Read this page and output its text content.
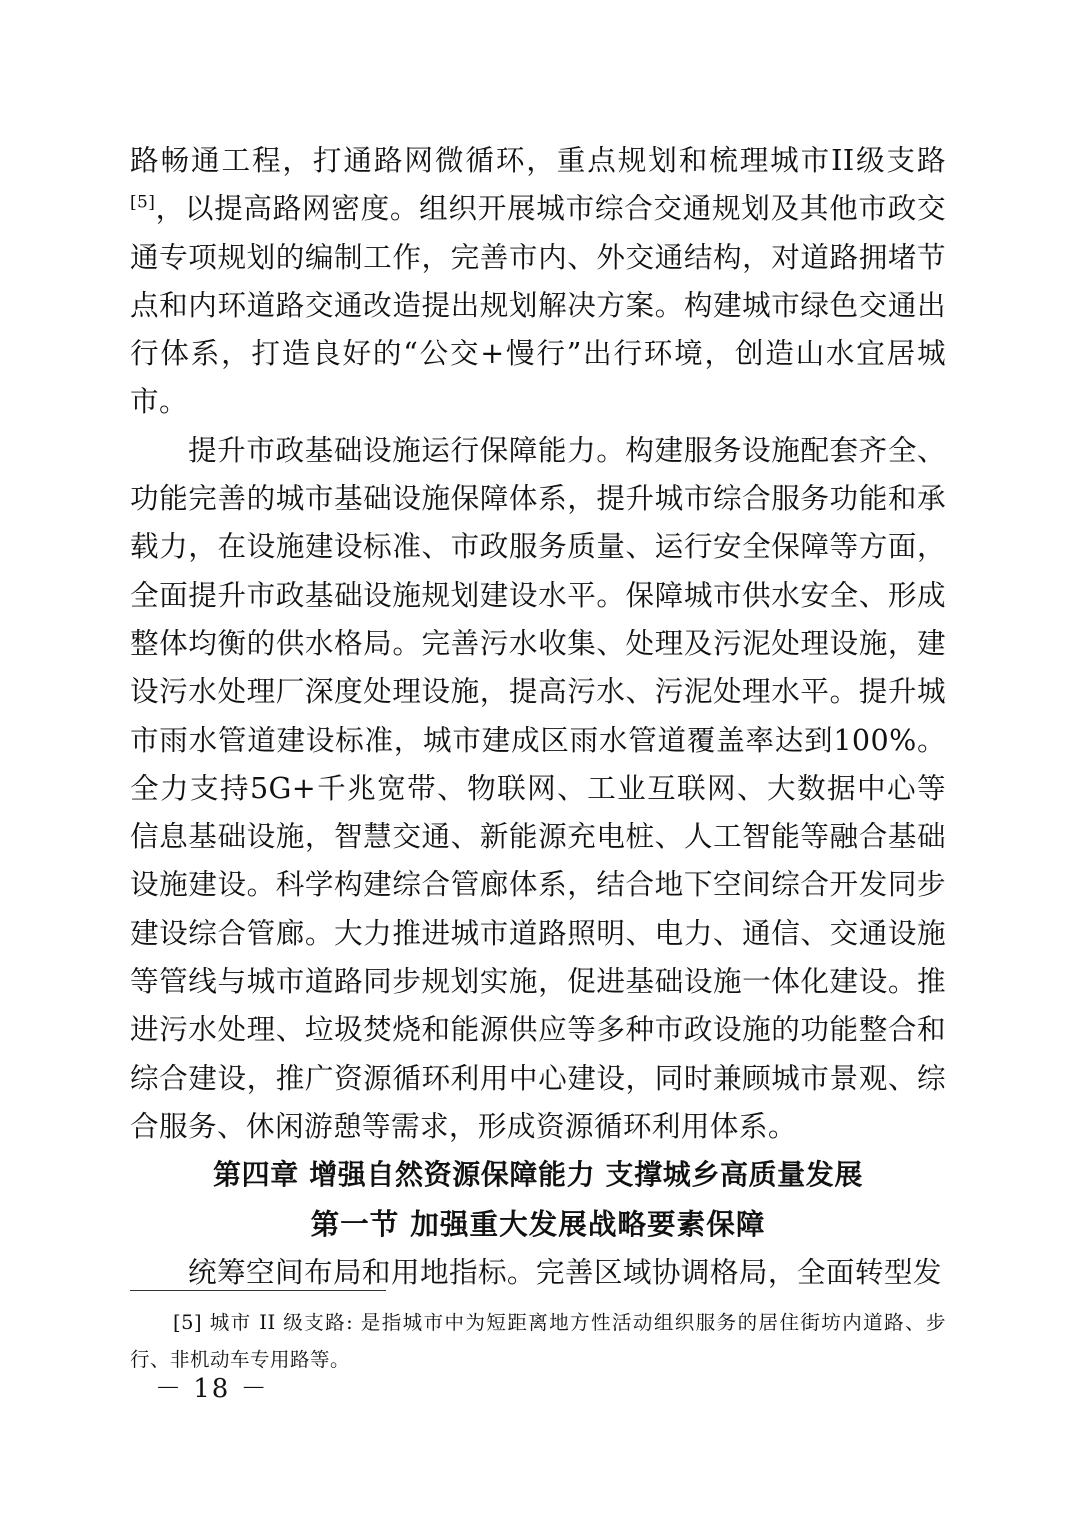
路畅通工程，打通路网微循环，重点规划和梳理城市II级支路[5]，以提高路网密度。组织开展城市综合交通规划及其他市政交通专项规划的编制工作，完善市内、外交通结构，对道路拥堵节点和内环道路交通改造提出规划解决方案。构建城市绿色交通出行体系，打造良好的“公交+慢行”出行环境，创造山水宜居城市。

提升市政基础设施运行保障能力。构建服务设施配套齐全、功能完善的城市基础设施保障体系，提升城市综合服务功能和承载力，在设施建设标准、市政服务质量、运行安全保障等方面，全面提升市政基础设施规划建设水平。保障城市供水安全、形成整体均衡的供水格局。完善污水收集、处理及污泥处理设施，建设污水处理厂深度处理设施，提高污水、污泥处理水平。提升城市雨水管道建设标准，城市建成区雨水管道覆盖率达到100%。全力支持5G+千兆宽带、物联网、工业互联网、大数据中心等信息基础设施，智慧交通、新能源充电桩、人工智能等融合基础设施建设。科学构建综合管廊体系，结合地下空间综合开发同步建设综合管廊。大力推进城市道路照明、电力、通信、交通设施等管线与城市道路同步规划实施，促进基础设施一体化建设。推进污水处理、垃圾焚烧和能源供应等多种市政设施的功能整合和综合建设，推广资源循环利用中心建设，同时兼顾城市景观、综合服务、休闲游憩等需求，形成资源循环利用体系。

第四章 增强自然资源保障能力 支撑城乡高质量发展
第一节 加强重大发展战略要素保障

统筹空间布局和用地指标。完善区域协调格局，全面转型发

[5] 城市 II 级支路: 是指城市中为短距离地方性活动组织服务的居住街坊内道路、步行、非机动车专用路等。

－ 18 －
